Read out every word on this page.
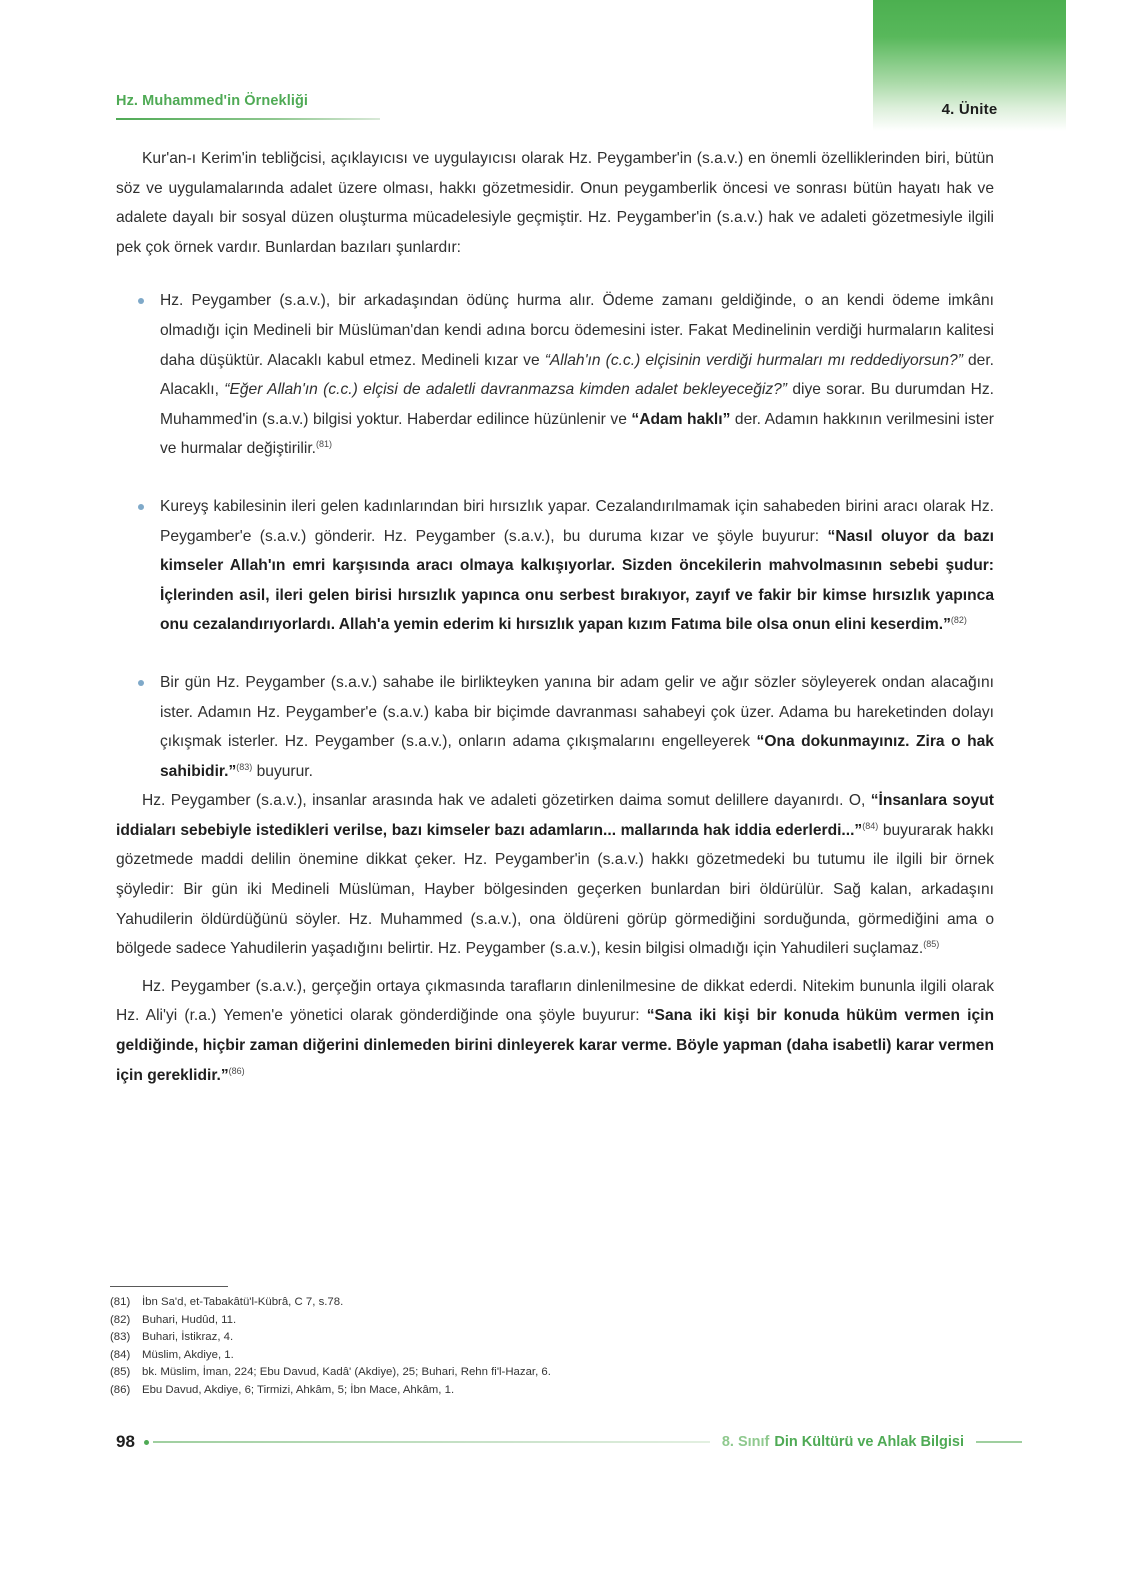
4. Ünite
Hz. Muhammed'in Örnekliği

Kur'an-ı Kerim'in tebliğcisi, açıklayıcısı ve uygulayıcısı olarak Hz. Peygamber'in (s.a.v.) en önemli özelliklerinden biri, bütün söz ve uygulamalarında adalet üzere olması, hakkı gözetmesidir. Onun peygamberlik öncesi ve sonrası bütün hayatı hak ve adalete dayalı bir sosyal düzen oluşturma mücadelesiyle geçmiştir. Hz. Peygamber'in (s.a.v.) hak ve adaleti gözetmesiyle ilgili pek çok örnek vardır. Bunlardan bazıları şunlardır:

Hz. Peygamber (s.a.v.), bir arkadaşından ödünç hurma alır. Ödeme zamanı geldiğinde, o an kendi ödeme imkânı olmadığı için Medineli bir Müslüman'dan kendi adına borcu ödemesini ister. Fakat Medinelinin verdiği hurmaların kalitesi daha düşüktür. Alacaklı kabul etmez. Medineli kızar ve “Allah'ın (c.c.) elçisinin verdiği hurmaları mı reddediyorsun?” der. Alacaklı, “Eğer Allah'ın (c.c.) elçisi de adaletli davranmazsa kimden adalet bekleyeceğiz?” diye sorar. Bu durumdan Hz. Muhammed'in (s.a.v.) bilgisi yoktur. Haberdar edilince hüzünlenir ve “Adam haklı” der. Adamın hakkının verilmesini ister ve hurmalar değiştirilir.$^{(81)}$
Kureyş kabilesinin ileri gelen kadınlarından biri hırsızlık yapar. Cezalandırılmamak için sahabeden birini aracı olarak Hz. Peygamber'e (s.a.v.) gönderir. Hz. Peygamber (s.a.v.), bu duruma kızar ve şöyle buyurur: “Nasıl oluyor da bazı kimseler Allah'ın emri karşısında aracı olmaya kalkışıyorlar. Sizden öncekilerin mahvolmasının sebebi şudur: İçlerinden asil, ileri gelen birisi hırsızlık yapınca onu serbest bırakıyor, zayıf ve fakir bir kimse hırsızlık yapınca onu cezalandırıyorlardı. Allah'a yemin ederim ki hırsızlık yapan kızım Fatıma bile olsa onun elini keserdim.”$^{(82)}$
Bir gün Hz. Peygamber (s.a.v.) sahabe ile birlikteyken yanına bir adam gelir ve ağır sözler söyleyerek ondan alacağını ister. Adamın Hz. Peygamber'e (s.a.v.) kaba bir biçimde davranması sahabeyi çok üzer. Adama bu hareketinden dolayı çıkışmak isterler. Hz. Peygamber (s.a.v.), onların adama çıkışmalarını engelleyerek “Ona dokunmayınız. Zira o hak sahibidir.”$^{(83)}$ buyurur.

Hz. Peygamber (s.a.v.), insanlar arasında hak ve adaleti gözetirken daima somut delillere dayanırdı. O, “İnsanlara soyut iddiaları sebebiyle istedikleri verilse, bazı kimseler bazı adamların... mallarında hak iddia ederlerdi...”$^{(84)}$ buyurarak hakkı gözetmede maddi delilin önemine dikkat çeker. Hz. Peygamber'in (s.a.v.) hakkı gözetmedeki bu tutumu ile ilgili bir örnek şöyledir: Bir gün iki Medineli Müslüman, Hayber bölgesinden geçerken bunlardan biri öldürülür. Sağ kalan, arkadaşını Yahudilerin öldürdüğünü söyler. Hz. Muhammed (s.a.v.), ona öldüreni görüp görmediğini sorduğunda, görmediğini ama o bölgede sadece Yahudilerin yaşadığını belirtir. Hz. Peygamber (s.a.v.), kesin bilgisi olmadığı için Yahudileri suçlamaz.$^{(85)}$

Hz. Peygamber (s.a.v.), gerçeğin ortaya çıkmasında tarafların dinlenilmesine de dikkat ederdi. Nitekim bununla ilgili olarak Hz. Ali'yi (r.a.) Yemen'e yönetici olarak gönderdiğinde ona şöyle buyurur: “Sana iki kişi bir konuda hüküm vermen için geldiğinde, hiçbir zaman diğerini dinlemeden birini dinleyerek karar verme. Böyle yapman (daha isabetli) karar vermen için gereklidir.”$^{(86)}$

(81) İbn Sa'd, et-Tabakâtü'l-Kübrâ, C 7, s.78.
(82) Buhari, Hudûd, 11.
(83) Buhari, İstikraz, 4.
(84) Müslim, Akdiye, 1.
(85) bk. Müslim, İman, 224; Ebu Davud, Kadâ' (Akdiye), 25; Buhari, Rehn fi'l-Hazar, 6.
(86) Ebu Davud, Akdiye, 6; Tirmizi, Ahkâm, 5; İbn Mace, Ahkâm, 1.
98	8. Sınıf Din Kültürü ve Ahlak Bilgisi
